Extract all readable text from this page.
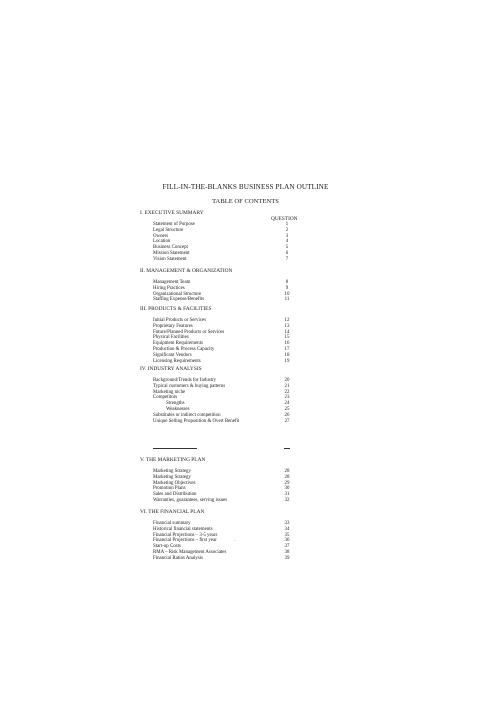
FILL-IN-THE-BLANKS BUSINESS PLAN OUTLINE
TABLE OF CONTENTS
QUESTION
I. EXECUTIVE SUMMARY
Statement of Purpose	1
Legal Structure	2
Owners	3
Location	4
Business Concept	5
Mission Statement	6
Vision Statement	7
II. MANAGEMENT & ORGANIZATION
Management Team	8
Hiring Practices	9
Organizational Structure	10
Staffing Expense/Benefits	11
III. PRODUCTS & FACILITIES
Initial Products or Services	12
Proprietary Features	13
Future/Planned Products or Services	14
Physical Facilities	15
Equipment Requirements	16
Production & Process Capacity	17
Significant Vendors	18
Licensing Requirements	19
IV. INDUSTRY ANALYSIS
Background/Trends for Industry	20
Typical customers & buying patterns	21
Marketing niche	22
Competitors	23
Strengths	24
Weaknesses	25
Substitutes or indirect competition	26
Unique Selling Proposition & Overt Benefit	27
V. THE MARKETING PLAN
Marketing Strategy	28
Marketing Strategy	28
Marketing Objectives	29
Promotion Plans	30
Sales and Distribution	31
Warranties, guarantees, serving issues	32
VI. THE FINANCIAL PLAN
Financial summary	33
Historical financial statements	34
Financial Projections – 3-5 years	35
Financial Projections – first year	36
Start-up Costs	37
RMA – Risk Management Associates	38
Financial Ratios Analysis	39
–
